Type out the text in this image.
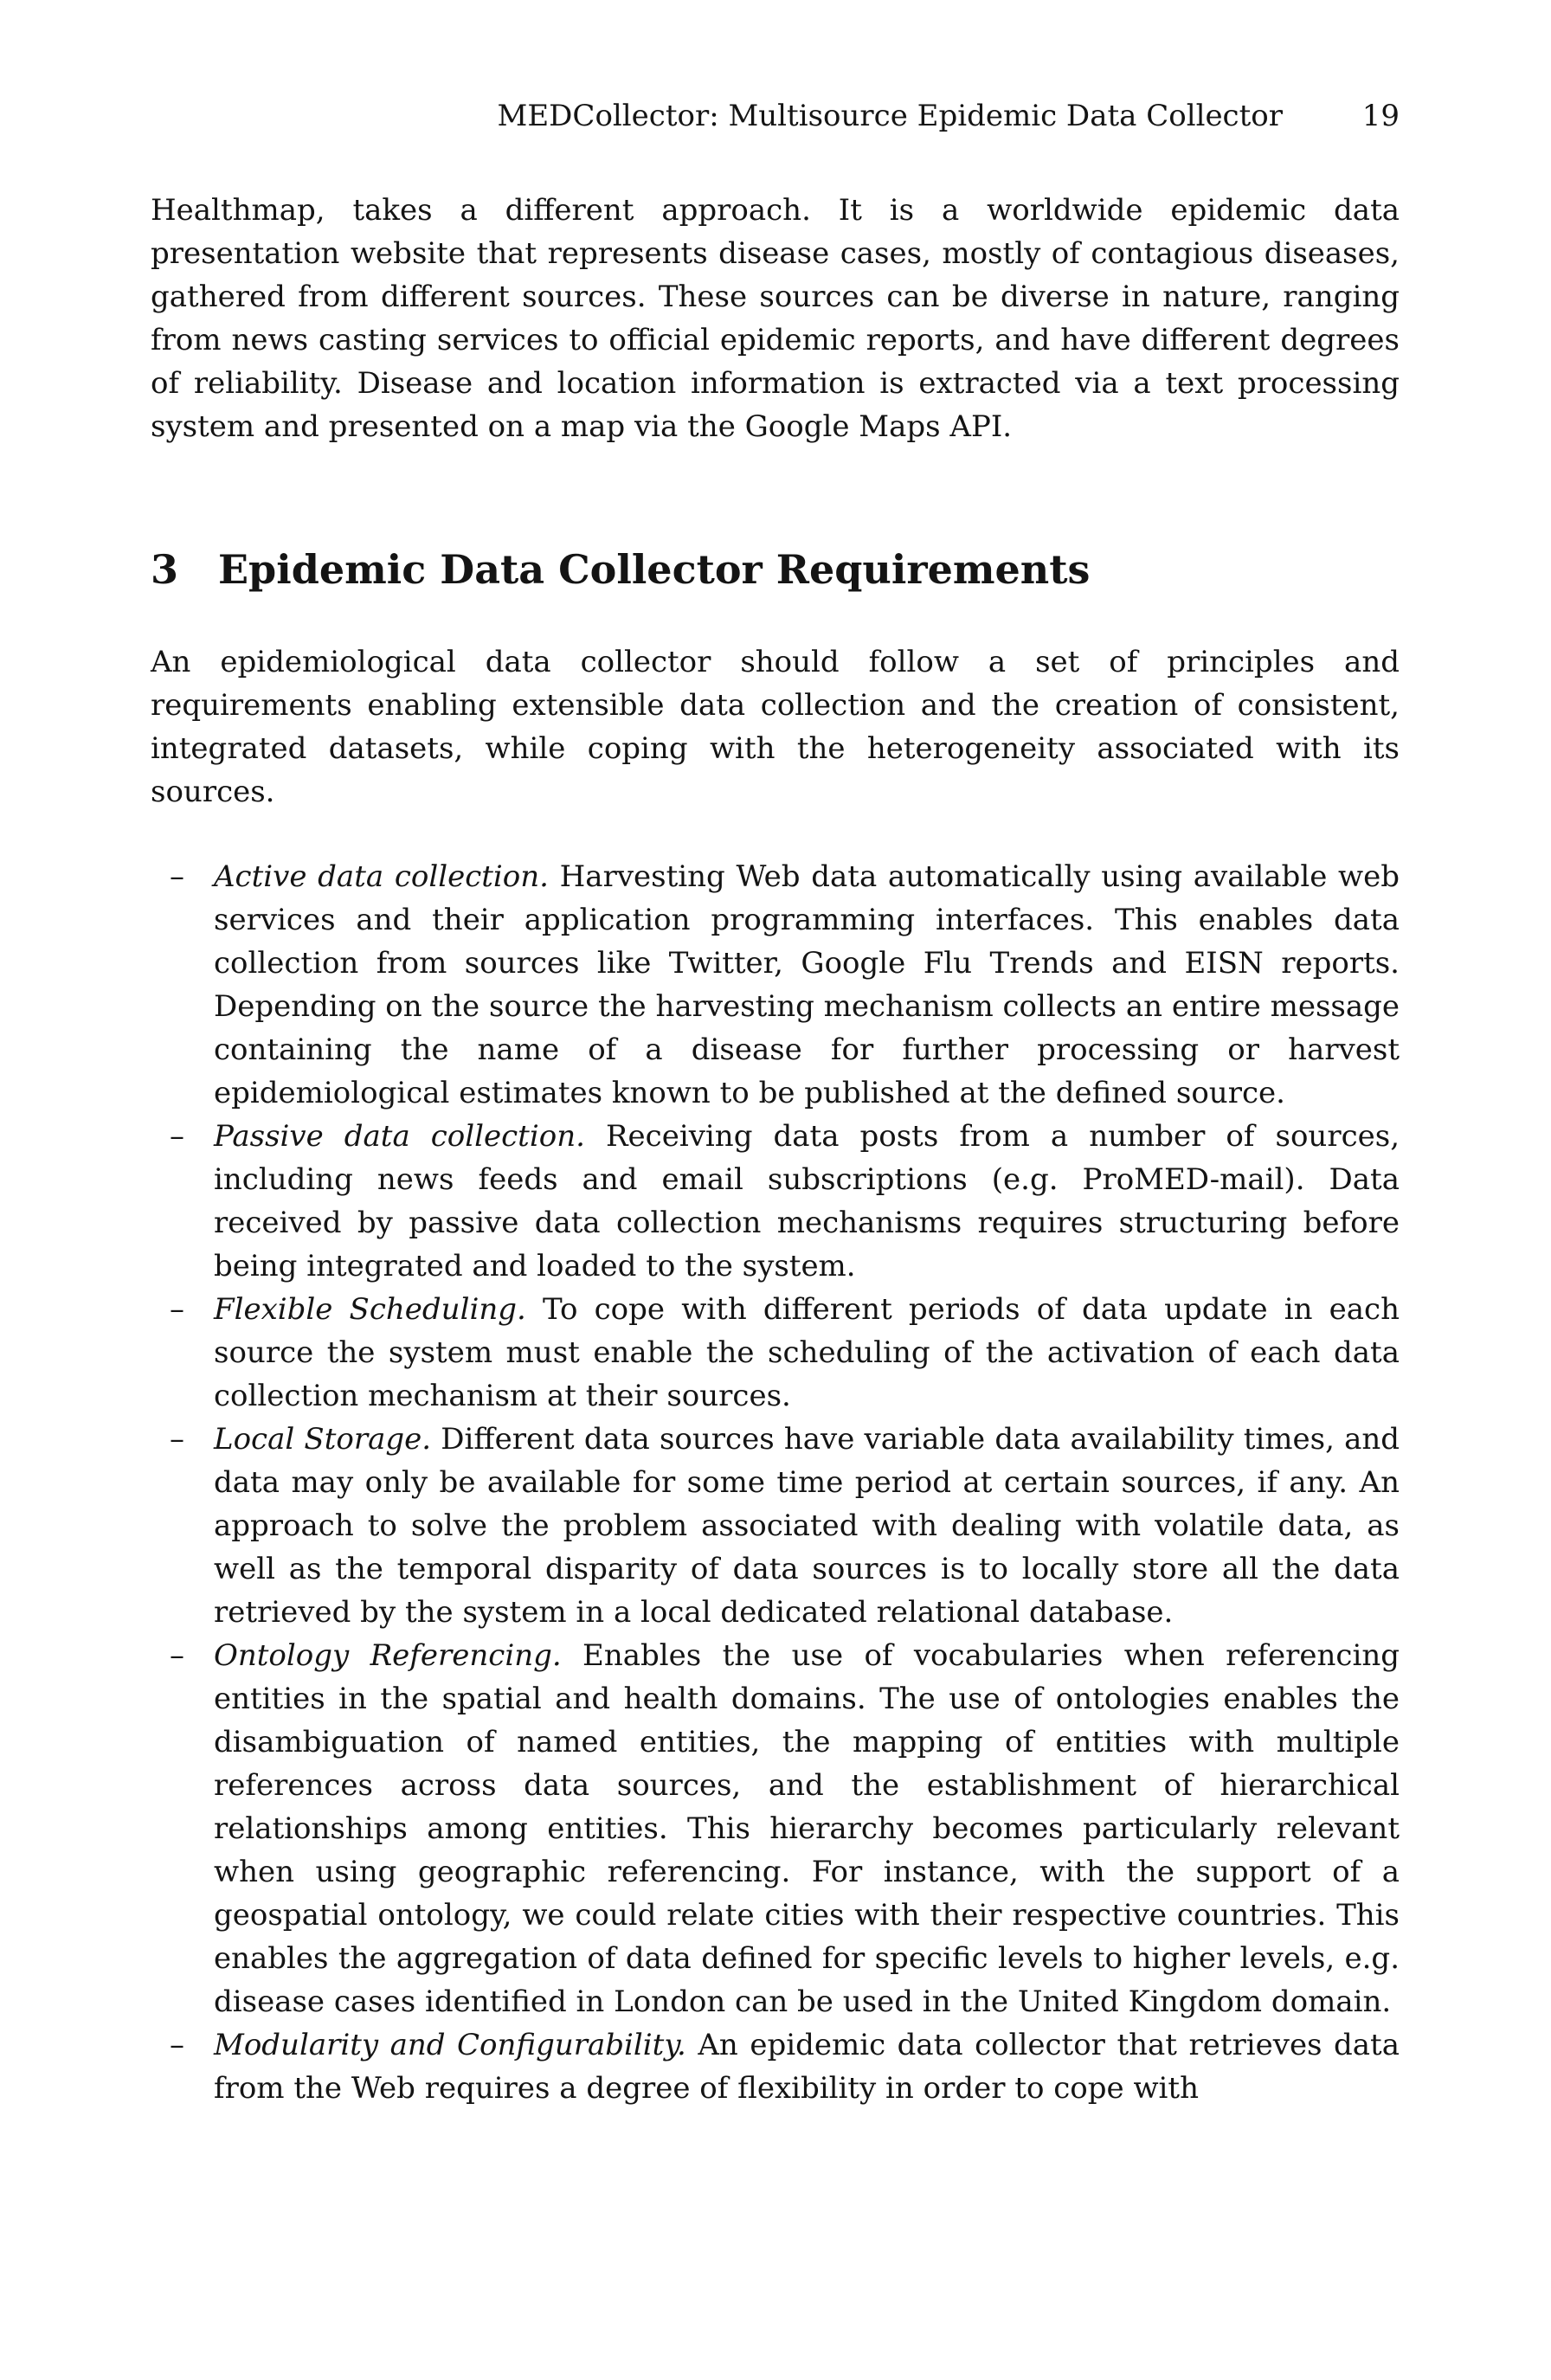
MEDCollector: Multisource Epidemic Data Collector	19

Healthmap, takes a different approach. It is a worldwide epidemic data presentation website that represents disease cases, mostly of contagious diseases, gathered from different sources. These sources can be diverse in nature, ranging from news casting services to official epidemic reports, and have different degrees of reliability. Disease and location information is extracted via a text processing system and presented on a map via the Google Maps API.

3 Epidemic Data Collector Requirements

An epidemiological data collector should follow a set of principles and requirements enabling extensible data collection and the creation of consistent, integrated datasets, while coping with the heterogeneity associated with its sources.

– Active data collection. Harvesting Web data automatically using available web services and their application programming interfaces. This enables data collection from sources like Twitter, Google Flu Trends and EISN reports. Depending on the source the harvesting mechanism collects an entire message containing the name of a disease for further processing or harvest epidemiological estimates known to be published at the defined source.
– Passive data collection. Receiving data posts from a number of sources, including news feeds and email subscriptions (e.g. ProMED-mail). Data received by passive data collection mechanisms requires structuring before being integrated and loaded to the system.
– Flexible Scheduling. To cope with different periods of data update in each source the system must enable the scheduling of the activation of each data collection mechanism at their sources.
– Local Storage. Different data sources have variable data availability times, and data may only be available for some time period at certain sources, if any. An approach to solve the problem associated with dealing with volatile data, as well as the temporal disparity of data sources is to locally store all the data retrieved by the system in a local dedicated relational database.
– Ontology Referencing. Enables the use of vocabularies when referencing entities in the spatial and health domains. The use of ontologies enables the disambiguation of named entities, the mapping of entities with multiple references across data sources, and the establishment of hierarchical relationships among entities. This hierarchy becomes particularly relevant when using geographic referencing. For instance, with the support of a geospatial ontology, we could relate cities with their respective countries. This enables the aggregation of data defined for specific levels to higher levels, e.g. disease cases identified in London can be used in the United Kingdom domain.
– Modularity and Configurability. An epidemic data collector that retrieves data from the Web requires a degree of flexibility in order to cope with
